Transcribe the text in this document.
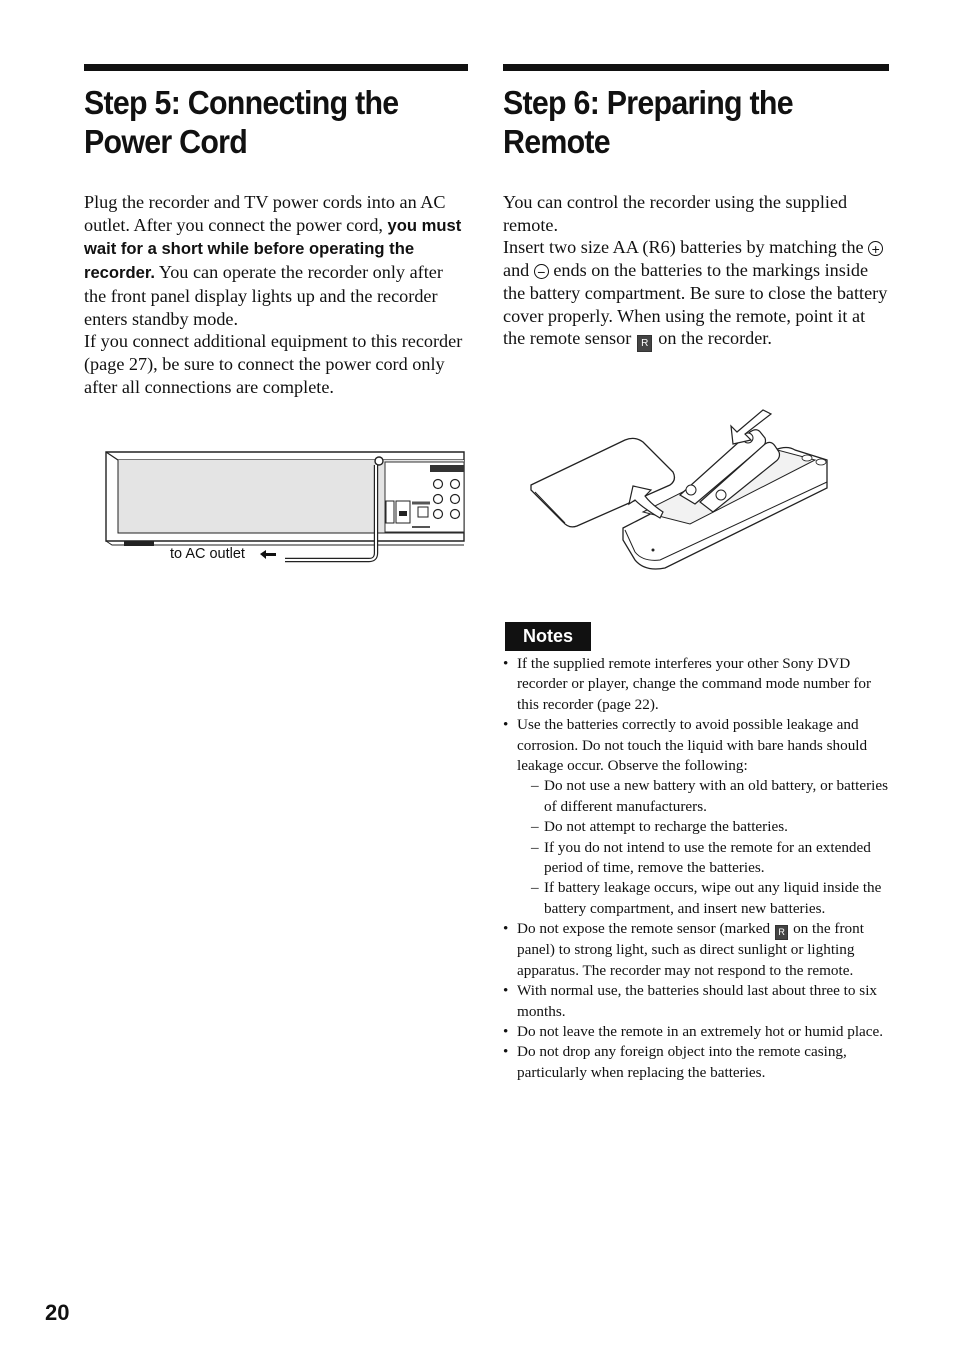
Step 5: Connecting the
Power Cord

Plug the recorder and TV power cords into an AC outlet. After you connect the power cord, you must wait for a short while before operating the recorder. You can operate the recorder only after the front panel display lights up and the recorder enters standby mode.

If you connect additional equipment to this recorder (page 27), be sure to connect the power cord only after all connections are complete.

to AC outlet
Step 6: Preparing the
Remote

You can control the recorder using the supplied remote.

Insert two size AA (R6) batteries by matching the + and − ends on the batteries to the markings inside the battery compartment. Be sure to close the battery cover properly. When using the remote, point it at the remote sensor R on the recorder.

Notes
• If the supplied remote interferes your other Sony DVD recorder or player, change the command mode number for this recorder (page 22).
• Use the batteries correctly to avoid possible leakage and corrosion. Do not touch the liquid with bare hands should leakage occur. Observe the following:
– Do not use a new battery with an old battery, or batteries of different manufacturers.
– Do not attempt to recharge the batteries.
– If you do not intend to use the remote for an extended period of time, remove the batteries.
– If battery leakage occurs, wipe out any liquid inside the battery compartment, and insert new batteries.
• Do not expose the remote sensor (marked R on the front panel) to strong light, such as direct sunlight or lighting apparatus. The recorder may not respond to the remote.
• With normal use, the batteries should last about three to six months.
• Do not leave the remote in an extremely hot or humid place.
• Do not drop any foreign object into the remote casing, particularly when replacing the batteries.
20
